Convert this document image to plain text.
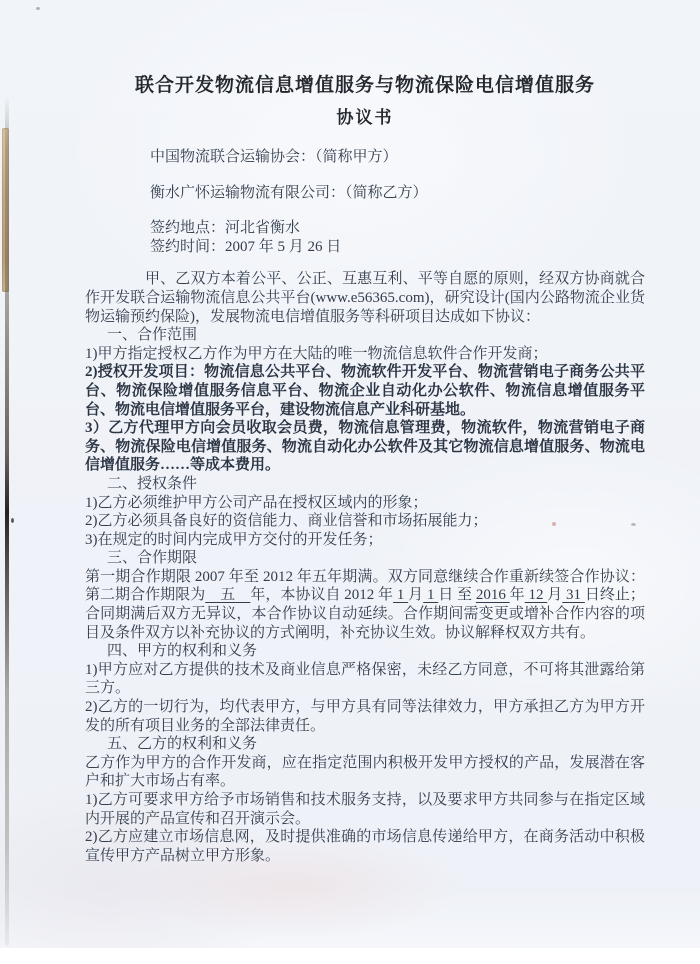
联合开发物流信息增值服务与物流保险电信增值服务
协议书
中国物流联合运输协会：（简称甲方）
衡水广怀运输物流有限公司：（简称乙方）
签约地点：河北省衡水
签约时间：2007 年 5 月 26 日
甲、乙双方本着公平、公正、互惠互利、平等自愿的原则，经双方协商就合作开发联合运输物流信息公共平台(www.e56365.com)，研究设计(国内公路物流企业货物运输预约保险)，发展物流电信增值服务等科研项目达成如下协议：
一、合作范围
1)甲方指定授权乙方作为甲方在大陆的唯一物流信息软件合作开发商；
2)授权开发项目：物流信息公共平台、物流软件开发平台、物流营销电子商务公共平台、物流保险增值服务信息平台、物流企业自动化办公软件、物流信息增值服务平台、物流电信增值服务平台，建设物流信息产业科研基地。
3）乙方代理甲方向会员收取会员费，物流信息管理费，物流软件，物流营销电子商务、物流保险电信增值服务、物流自动化办公软件及其它物流信息增值服务、物流电信增值服务……等成本费用。
二、授权条件
1)乙方必须维护甲方公司产品在授权区域内的形象；
2)乙方必须具备良好的资信能力、商业信誉和市场拓展能力；
3)在规定的时间内完成甲方交付的开发任务；
三、合作期限
第一期合作期限 2007 年至 2012 年五年期满。双方同意继续合作重新续签合作协议：第二期合作期限为　五　年，本协议自 2012 年 1 月 1 日 至 2016 年 12 月 31 日终止；合同期满后双方无异议，本合作协议自动延续。合作期间需变更或增补合作内容的项目及条件双方以补充协议的方式阐明，补充协议生效。协议解释权双方共有。
四、甲方的权利和义务
1)甲方应对乙方提供的技术及商业信息严格保密，未经乙方同意，不可将其泄露给第三方。
2)乙方的一切行为，均代表甲方，与甲方具有同等法律效力，甲方承担乙方为甲方开发的所有项目业务的全部法律责任。
五、乙方的权利和义务
乙方作为甲方的合作开发商，应在指定范围内积极开发甲方授权的产品，发展潜在客户和扩大市场占有率。
1)乙方可要求甲方给予市场销售和技术服务支持，以及要求甲方共同参与在指定区域内开展的产品宣传和召开演示会。
2)乙方应建立市场信息网，及时提供准确的市场信息传递给甲方，在商务活动中积极宣传甲方产品树立甲方形象。
